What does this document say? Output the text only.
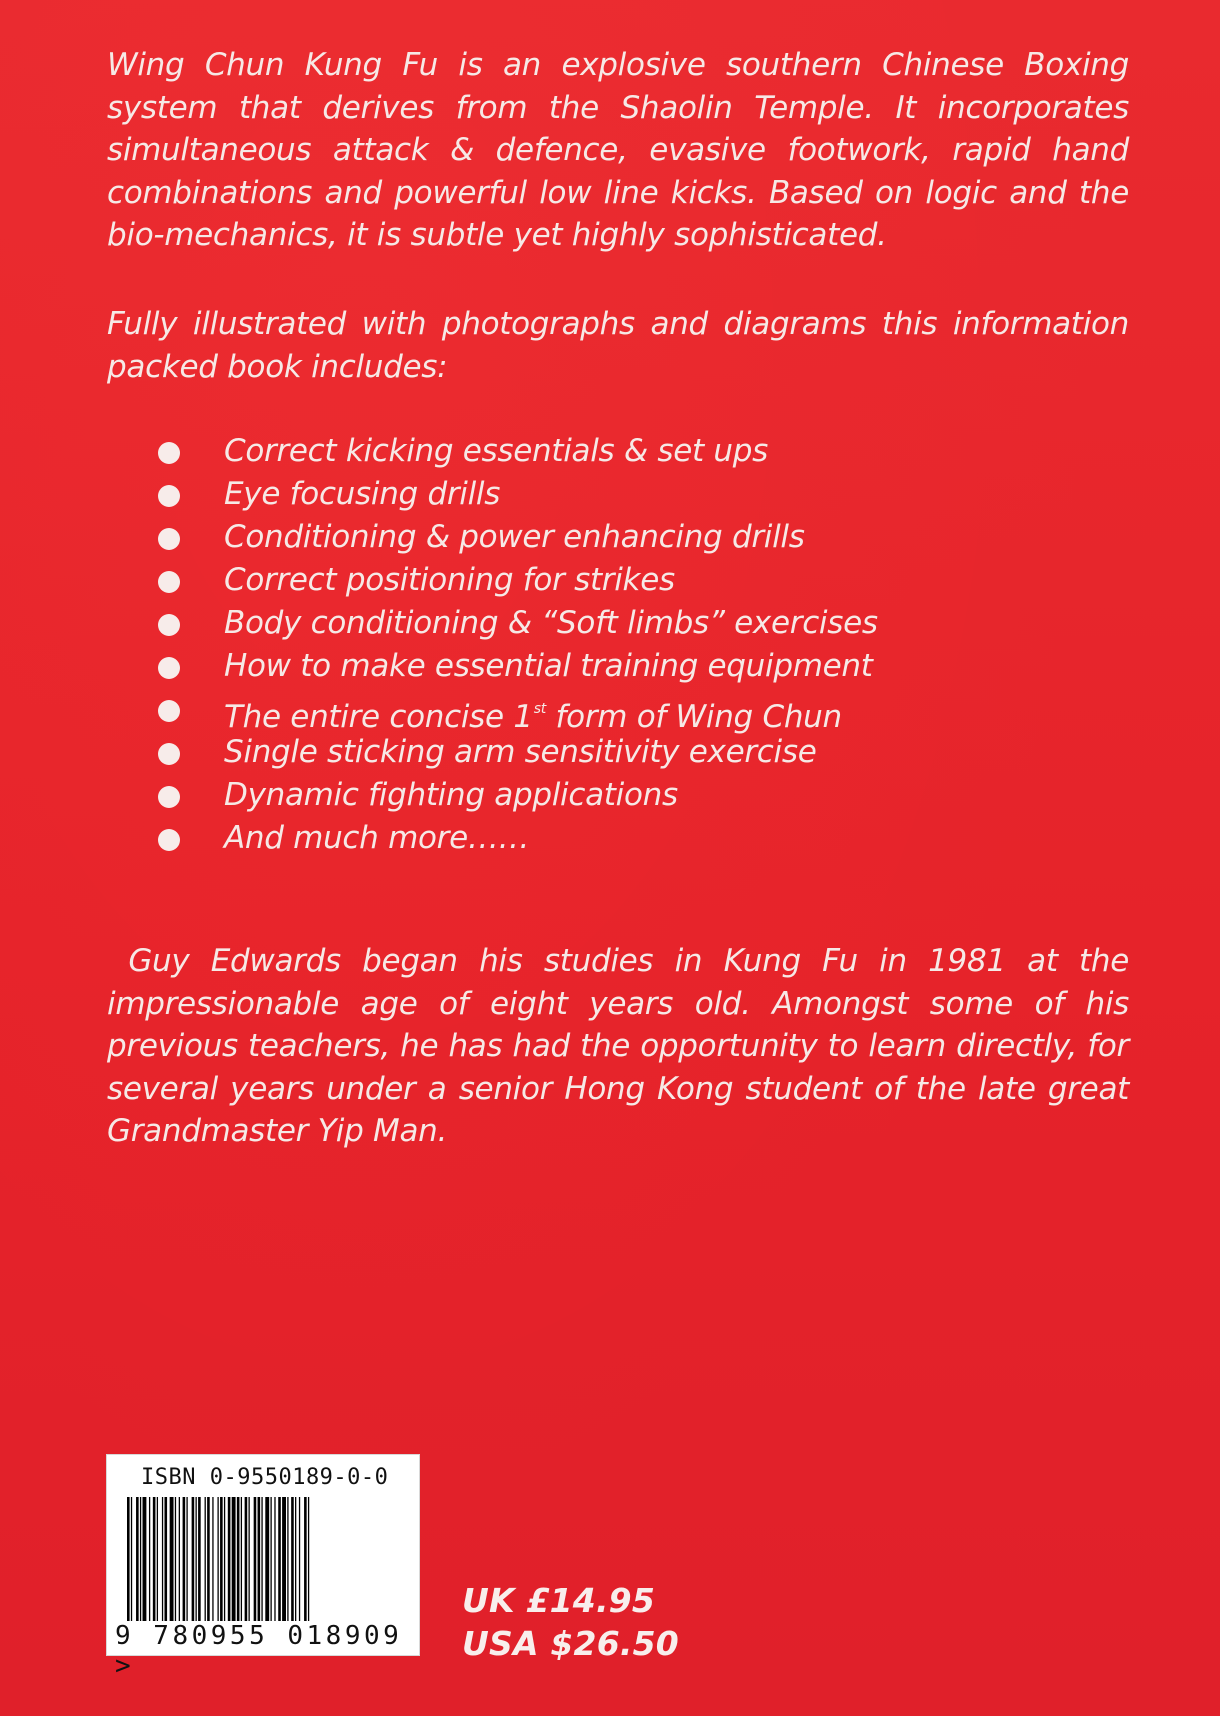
Wing Chun Kung Fu is an explosive southern Chinese Boxing system that derives from the Shaolin Temple. It incorporates simultaneous attack & defence, evasive footwork, rapid hand combinations and powerful low line kicks. Based on logic and the bio-mechanics, it is subtle yet highly sophisticated.

Fully illustrated with photographs and diagrams this information packed book includes:

Correct kicking essentials & set ups
Eye focusing drills
Conditioning & power enhancing drills
Correct positioning for strikes
Body conditioning & “Soft limbs” exercises
How to make essential training equipment
The entire concise 1st form of Wing Chun
Single sticking arm sensitivity exercise
Dynamic fighting applications
And much more……

Guy Edwards began his studies in Kung Fu in 1981 at the impressionable age of eight years old. Amongst some of his previous teachers, he has had the opportunity to learn directly, for several years under a senior Hong Kong student of the late great Grandmaster Yip Man.

ISBN 0-9550189-0-0
9 780955 018909 >
UK £14.95
USA $26.50
